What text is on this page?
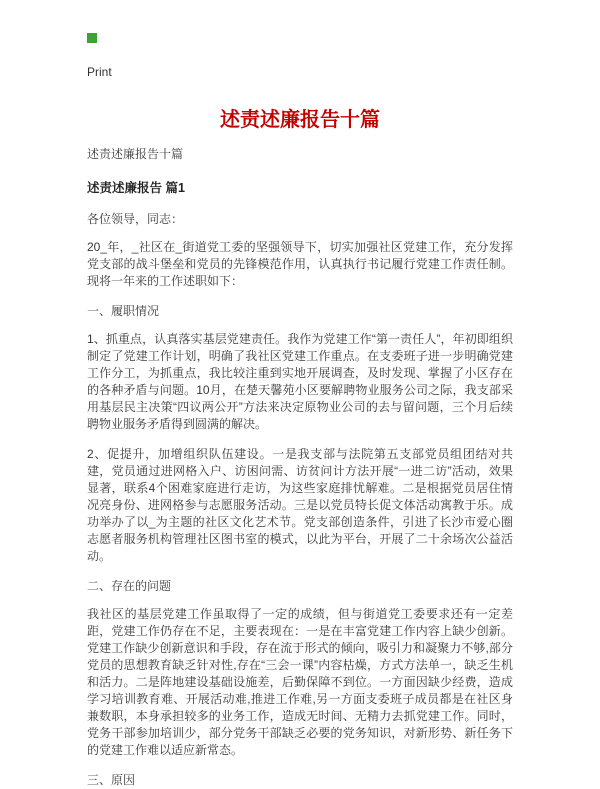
Print
述责述廉报告十篇
述责述廉报告十篇
述责述廉报告 篇1

各位领导，同志：

20_年，_社区在_街道党工委的坚强领导下，切实加强社区党建工作，充分发挥党支部的战斗堡垒和党员的先锋模范作用，认真执行书记履行党建工作责任制。现将一年来的工作述职如下：

一、履职情况

1、抓重点，认真落实基层党建责任。我作为党建工作“第一责任人”，年初即组织制定了党建工作计划，明确了我社区党建工作重点。在支委班子进一步明确党建工作分工，为抓重点，我比较注重到实地开展调查，及时发现、掌握了小区存在的各种矛盾与问题。10月，在楚天馨苑小区要解聘物业服务公司之际，我支部采用基层民主决策“四议两公开”方法来决定原物业公司的去与留问题，三个月后续聘物业服务矛盾得到圆满的解决。

2、促提升，加增组织队伍建设。一是我支部与法院第五支部党员组团结对共建，党员通过进网格入户、访困问需、访贫问计方法开展“一进二访”活动，效果显著，联系4个困难家庭进行走访，为这些家庭排忧解难。二是根据党员居住情况亮身份、进网格参与志愿服务活动。三是以党员特长促文体活动寓教于乐。成功举办了以_为主题的社区文化艺术节。党支部创造条件，引进了长沙市爱心圈志愿者服务机构管理社区图书室的模式，以此为平台，开展了二十余场次公益活动。

二、存在的问题

我社区的基层党建工作虽取得了一定的成绩，但与街道党工委要求还有一定差距，党建工作仍存在不足，主要表现在：一是在丰富党建工作内容上缺少创新。党建工作缺少创新意识和手段，存在流于形式的倾向，吸引力和凝聚力不够,部分党员的思想教育缺乏针对性,存在“三会一课”内容枯燥，方式方法单一，缺乏生机和活力。二是阵地建设基础设施差，后勤保障不到位。一方面因缺少经费，造成学习培训教育难、开展活动难,推进工作难,另一方面支委班子成员都是在社区身兼数职，本身承担较多的业务工作，造成无时间、无精力去抓党建工作。同时，党务干部参加培训少，部分党务干部缺乏必要的党务知识，对新形势、新任务下的党建工作难以适应新常态。

三、原因
